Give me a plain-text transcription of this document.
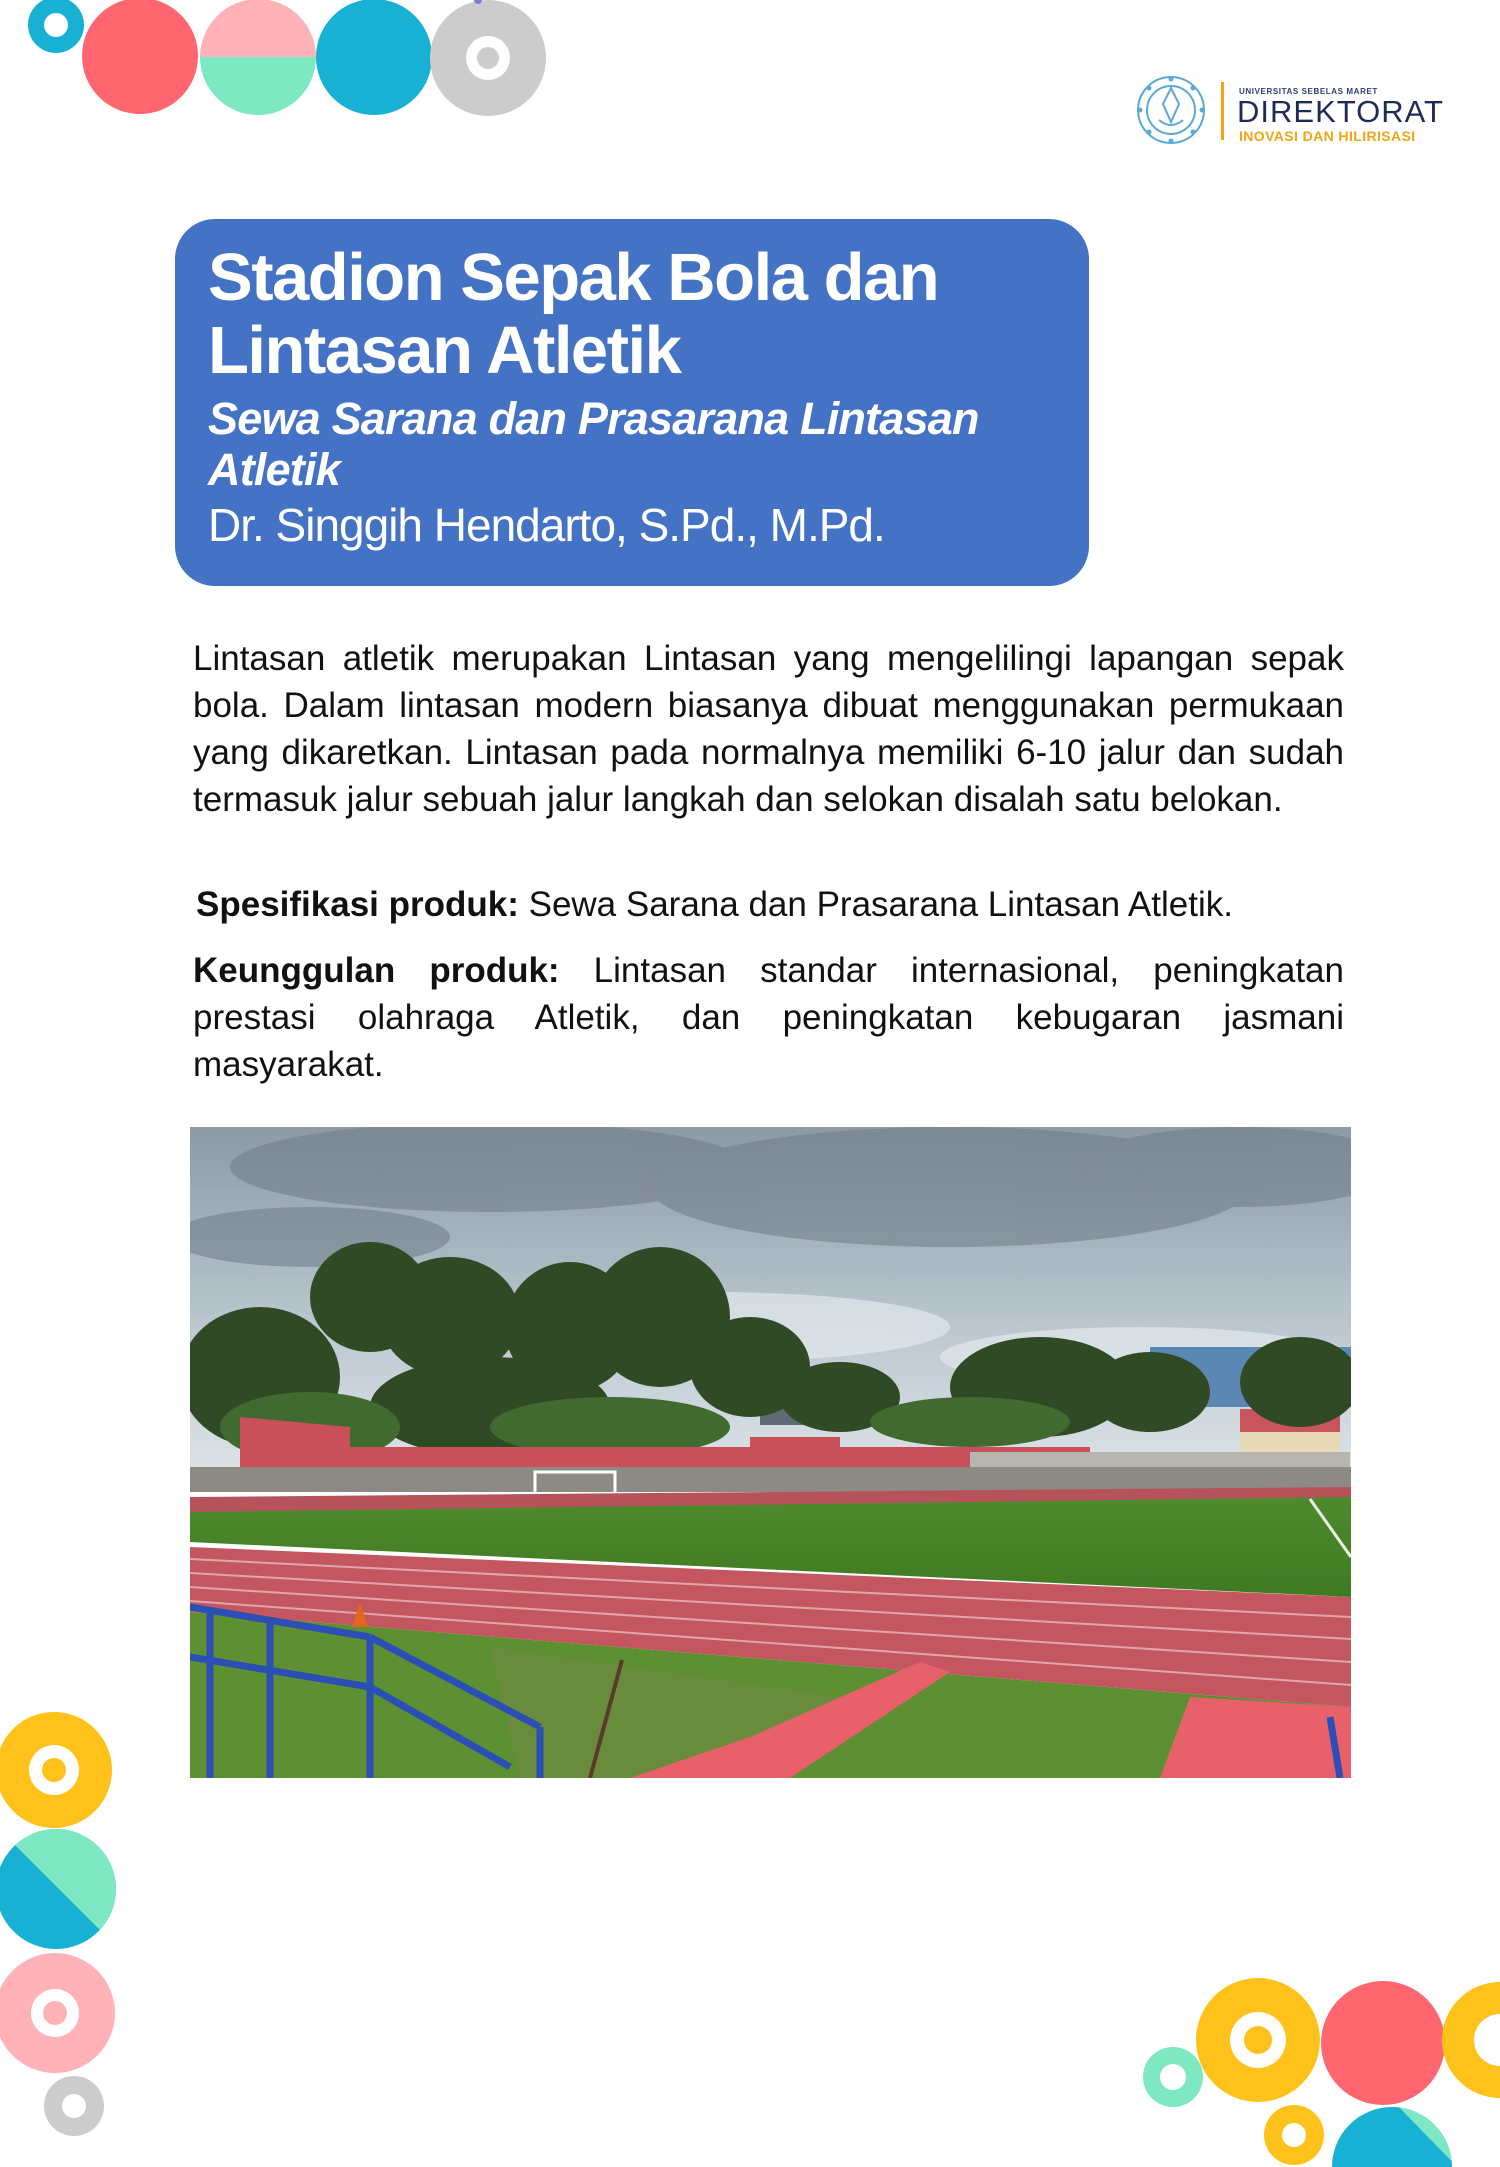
UNIVERSITAS SEBELAS MARET
DIREKTORAT
INOVASI DAN HILIRISASI
Stadion Sepak Bola dan Lintasan Atletik
Sewa Sarana dan Prasarana Lintasan Atletik
Dr. Singgih Hendarto, S.Pd., M.Pd.
Lintasan atletik merupakan Lintasan yang mengelilingi lapangan sepak bola. Dalam lintasan modern biasanya dibuat menggunakan permukaan yang dikaretkan. Lintasan pada normalnya memiliki 6-10 jalur dan sudah termasuk jalur sebuah jalur langkah dan selokan disalah satu belokan.
Spesifikasi produk: Sewa Sarana dan Prasarana Lintasan Atletik.
Keunggulan produk: Lintasan standar internasional, peningkatan prestasi olahraga Atletik, dan peningkatan kebugaran jasmani masyarakat.
